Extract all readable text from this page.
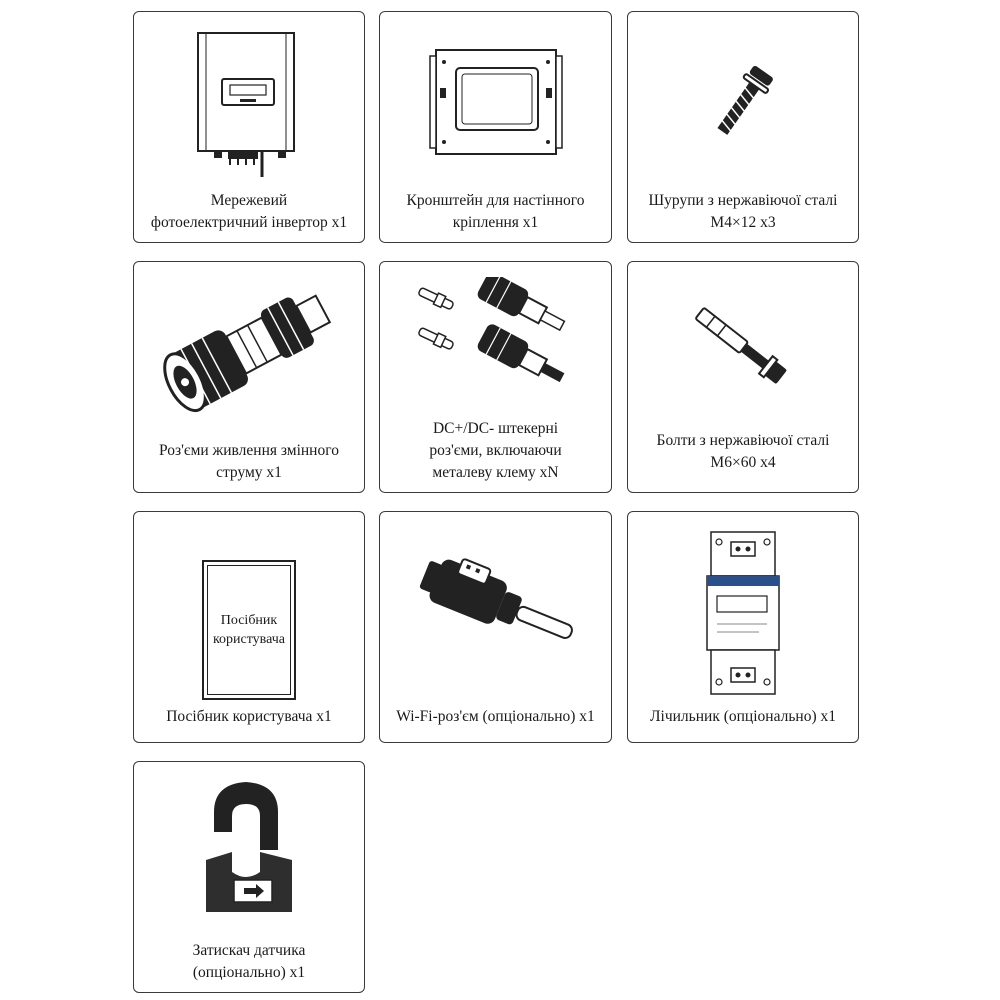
Мережевий
фотоелектричний інвертор x1
Кронштейн для настінного
кріплення x1
Шурупи з нержавіючої сталі
M4×12 x3
Роз'єми живлення змінного
струму x1
DC+/DC- штекерні
роз'єми, включаючи
металеву клему xN
Болти з нержавіючої сталі
M6×60 x4
Посібник
користувача
Посібник користувача x1	Wi-Fi-роз'єм (опціонально) x1	Лічильник (опціонально) x1
Затискач датчика
(опціонально) x1
